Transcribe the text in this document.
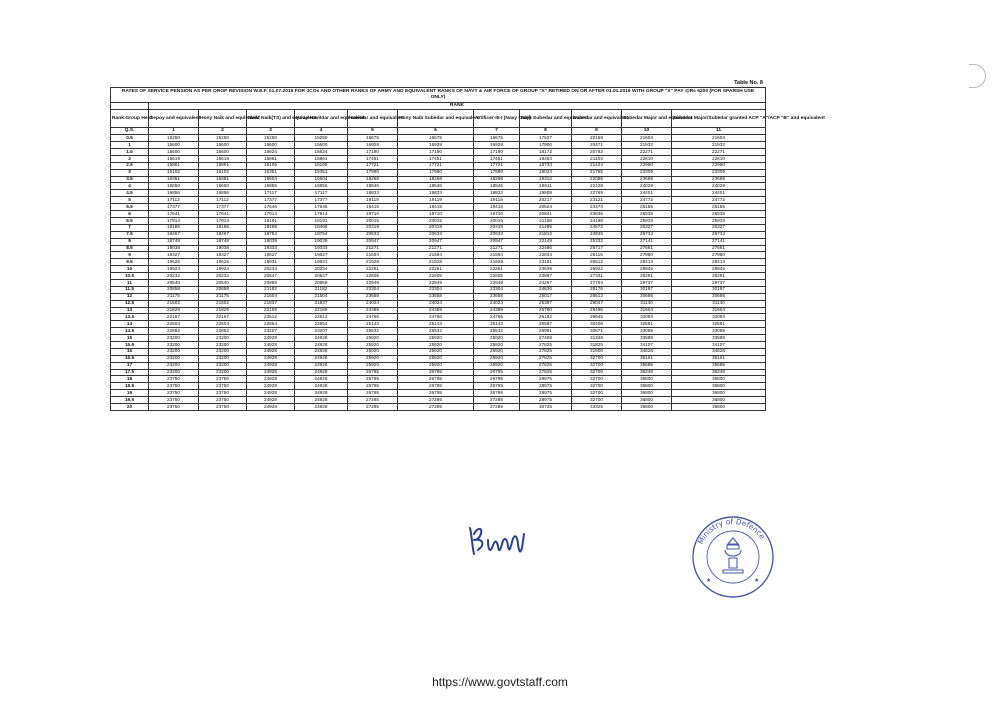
Table No. 8
RATES OF SERVICE PENSION AS PER OROP REVISION W.E.F. 01.07.2019 FOR JCOs AND OTHER RANKS OF ARMY AND EQUIVALENT RANKS OF NAVY & AIR FORCE OF GROUP "X" RETIRED ON OR AFTER 01.01.2016 WITH GROUP "X" PAY @Rs 6200 (FOR SPARSH USE ONLY)											
	RANK										
Rank Group Held	Sepoy and equivalent	Hony Naik and equivalent	Naik/ Naik(TS) and equivalent	Hony Havildar and equivalent	Havildar and equivalent	Hony Naib Subedar and equivalent	Artificer-III-I (Navy Only)	Naib Subedar and equivalent	Subedar and equivalent	Subedar Major and equivalent	Subedar Major/Subedar granted ACP "A"/ACP "B" and equivalent
Q.S.	1	2	3	4	5	6	7	8	9	10	11
0.5	15250	15250	15250	15250	16675	16675	16675	17627	20159	21604	21604
1	15600	15600	15600	15600	16928	16928	16928	17900	20471	21932	21932
1.5	15600	15600	15624	15624	17190	17190	17190	18172	20782	22271	22271
2	15619	15619	15861	15861	17451	17451	17451	18453	21103	22610	22610
2.5	15861	15861	16106	16106	17721	17721	17721	18733	21424	22960	22960
3	16102	16102	16351	16351	17990	17990	17990	19023	21755	23309	23309
3.5	16351	16351	16604	16604	18268	18268	18268	19312	22086	23669	23669
4	16650	16650	16856	16856	18546	18546	18546	19611	22428	24029	24029
4.5	16856	16856	17117	17117	18833	18833	18833	19909	22769	24401	24401
5	17112	17112	17377	17377	19119	19119	19119	20217	23121	24772	24772
5.5	17377	17377	17646	17646	19415	19415	19415	20524	23473	25155	25155
6	17641	17641	17914	17914	19710	19710	19710	20841	23836	25538	25538
6.5	17914	17914	18191	18191	20015	20015	20015	21158	24198	25933	25933
7	18186	18186	18468	18468	20319	20319	20319	21485	24572	26327	26327
7.5	18467	18467	18754	18754	20633	20633	20633	21812	24946	26734	26734
8	18748	18748	19039	19039	20947	20947	20947	22149	25332	27141	27141
8.5	19038	19038	19333	19333	21271	21271	21271	22486	25717	27561	27561
9	19327	19327	19627	19627	21594	21594	21594	22834	26115	27980	27980
9.5	19626	19626	19931	19931	21928	21928	21928	23181	26512	28413	28413
10	19924	19924	20234	20234	22261	22261	22261	23539	26922	28845	28845
10.5	20232	20232	20547	20547	22605	22605	22605	23897	27331	29291	29291
11	20540	20540	20859	20859	22949	22949	22949	24267	27754	29737	29737
11.5	20858	20858	21182	21182	23304	23304	23304	24636	28176	30197	30197
12	21175	21175	21504	21504	23658	23658	23658	25017	28612	30656	30656
12.5	21502	21502	21837	21837	24024	24024	24024	25397	29047	31130	31130
13	21829	21829	22169	22169	24389	24389	24389	25790	29496	31604	31604
13.5	22167	22167	22512	22512	24766	24766	24766	26182	29945	32093	32093
14	22504	22504	22854	22854	25143	25143	25143	26587	30408	32581	32581
14.5	22852	22852	23207	23207	25532	25532	25532	26991	30871	33085	33085
15	23200	23200	24928	24928	25920	25920	25920	27408	31348	33588	33588
15.5	23200	23200	24928	24928	25920	25920	25920	27825	31825	34107	34107
16	23200	23200	24928	24928	25920	25920	25920	27825	31900	34626	34626
16.5	23200	23200	24928	24928	25920	25920	25920	27825	32700	35161	35161
17	23200	23200	24928	24928	25920	25920	25920	27825	32700	35696	35696
17.5	23200	23200	24928	24928	26795	26795	26795	27825	32700	36248	36248
18	23750	23750	24928	24928	26795	26795	26795	28975	32700	36800	36800
18.5	23750	23750	24928	24928	26795	26795	26795	28975	32700	36800	36800
19	23750	23750	24928	24928	26795	26795	26795	28975	32700	36800	36800
19.5	23750	23750	24928	24928	27285	27285	27285	28975	32700	36800	36800
20	23750	23750	24928	24928	27285	27285	27285	30725	33325	36800	36800
Ministry of Defence
★	★
https://www.govtstaff.com
